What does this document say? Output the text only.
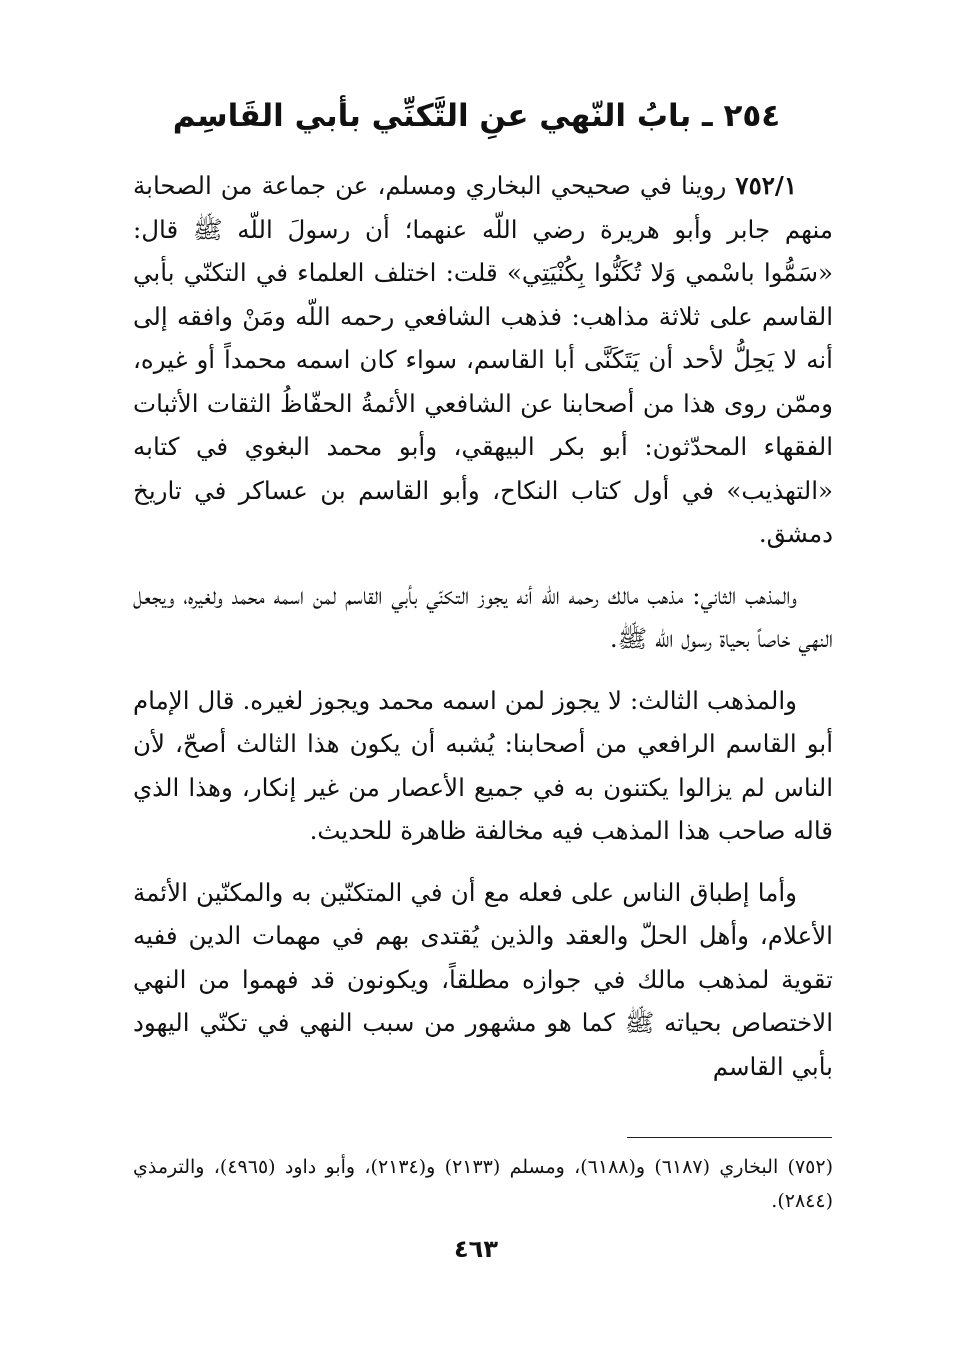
٢٥٤ ـ بابُ النّهي عنِ التَّكنِّي بأبي القَاسِم

٧٥٢/١ روينا في صحيحي البخاري ومسلم، عن جماعة من الصحابة منهم جابر وأبو هريرة رضي اللّه عنهما؛ أن رسولَ اللّه ﷺ قال: «سَمُّوا باسْمي وَلا تُكَنُّوا بِكُنْيَتِي» قلت: اختلف العلماء في التكنّي بأبي القاسم على ثلاثة مذاهب: فذهب الشافعي رحمه اللّه ومَنْ وافقه إلى أنه لا يَحِلُّ لأحد أن يَتَكَنَّى أبا القاسم، سواء كان اسمه محمداً أو غيره، وممّن روى هذا من أصحابنا عن الشافعي الأئمةُ الحفّاظُ الثقات الأثبات الفقهاء المحدّثون: أبو بكر البيهقي، وأبو محمد البغوي في كتابه «التهذيب» في أول كتاب النكاح، وأبو القاسم بن عساكر في تاريخ دمشق.

والمذهب الثاني: مذهب مالك رحمه اللّه أنه يجوز التكنّي بأبي القاسم لمن اسمه محمد ولغيره، ويجعل النهي خاصاً بحياة رسول اللّه ﷺ.

والمذهب الثالث: لا يجوز لمن اسمه محمد ويجوز لغيره. قال الإمام أبو القاسم الرافعي من أصحابنا: يُشبه أن يكون هذا الثالث أصحّ، لأن الناس لم يزالوا يكتنون به في جميع الأعصار من غير إنكار، وهذا الذي قاله صاحب هذا المذهب فيه مخالفة ظاهرة للحديث.

وأما إطباق الناس على فعله مع أن في المتكنّين به والمكنّين الأئمة الأعلام، وأهل الحلّ والعقد والذين يُقتدى بهم في مهمات الدين ففيه تقوية لمذهب مالك في جوازه مطلقاً، ويكونون قد فهموا من النهي الاختصاص بحياته ﷺ كما هو مشهور من سبب النهي في تكنّي اليهود بأبي القاسم

(٧٥٢) البخاري (٦١٨٧) و(٦١٨٨)، ومسلم (٢١٣٣) و(٢١٣٤)، وأبو داود (٤٩٦٥)، والترمذي (٢٨٤٤).

٤٦٣
